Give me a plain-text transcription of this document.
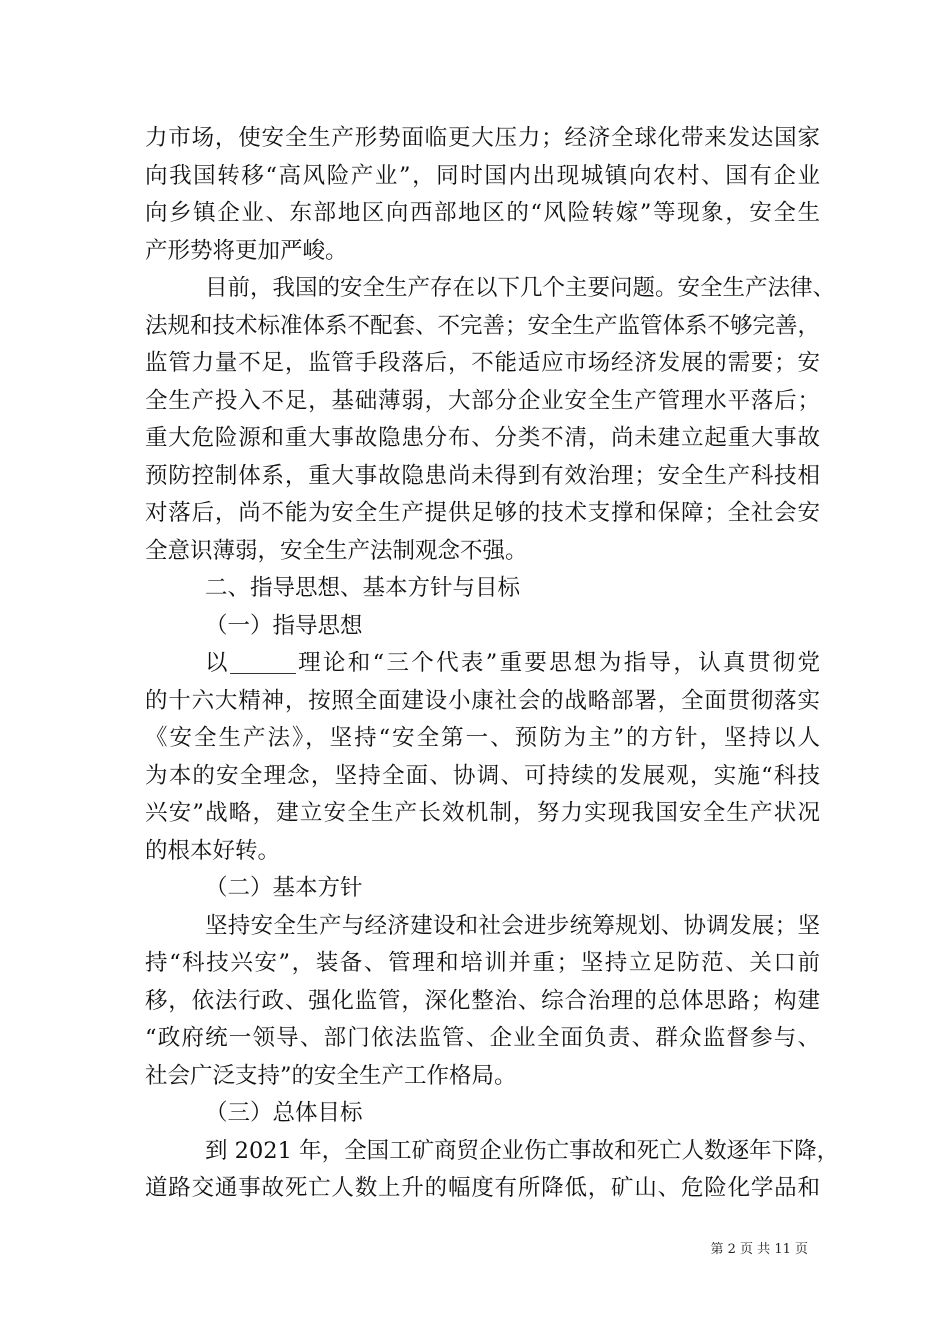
力市场，使安全生产形势面临更大压力；经济全球化带来发达国家
向我国转移“高风险产业”，同时国内出现城镇向农村、国有企业
向乡镇企业、东部地区向西部地区的“风险转嫁”等现象，安全生
产形势将更加严峻。
目前，我国的安全生产存在以下几个主要问题。安全生产法律、
法规和技术标准体系不配套、不完善；安全生产监管体系不够完善，
监管力量不足，监管手段落后，不能适应市场经济发展的需要；安
全生产投入不足，基础薄弱，大部分企业安全生产管理水平落后；
重大危险源和重大事故隐患分布、分类不清，尚未建立起重大事故
预防控制体系，重大事故隐患尚未得到有效治理；安全生产科技相
对落后，尚不能为安全生产提供足够的技术支撑和保障；全社会安
全意识薄弱，安全生产法制观念不强。
二、指导思想、基本方针与目标
（一）指导思想
以	理论和“三个代表”重要思想为指导，认真贯彻党
的十六大精神，按照全面建设小康社会的战略部署，全面贯彻落实
《安全生产法》，坚持“安全第一、预防为主”的方针，坚持以人
为本的安全理念，坚持全面、协调、可持续的发展观，实施“科技
兴安”战略，建立安全生产长效机制，努力实现我国安全生产状况
的根本好转。
（二）基本方针
坚持安全生产与经济建设和社会进步统筹规划、协调发展；坚
持“科技兴安”，装备、管理和培训并重；坚持立足防范、关口前
移，依法行政、强化监管，深化整治、综合治理的总体思路；构建
“政府统一领导、部门依法监管、企业全面负责、群众监督参与、
社会广泛支持”的安全生产工作格局。
（三）总体目标
到 2021 年，全国工矿商贸企业伤亡事故和死亡人数逐年下降，
道路交通事故死亡人数上升的幅度有所降低，矿山、危险化学品和
第 2 页 共 11 页
